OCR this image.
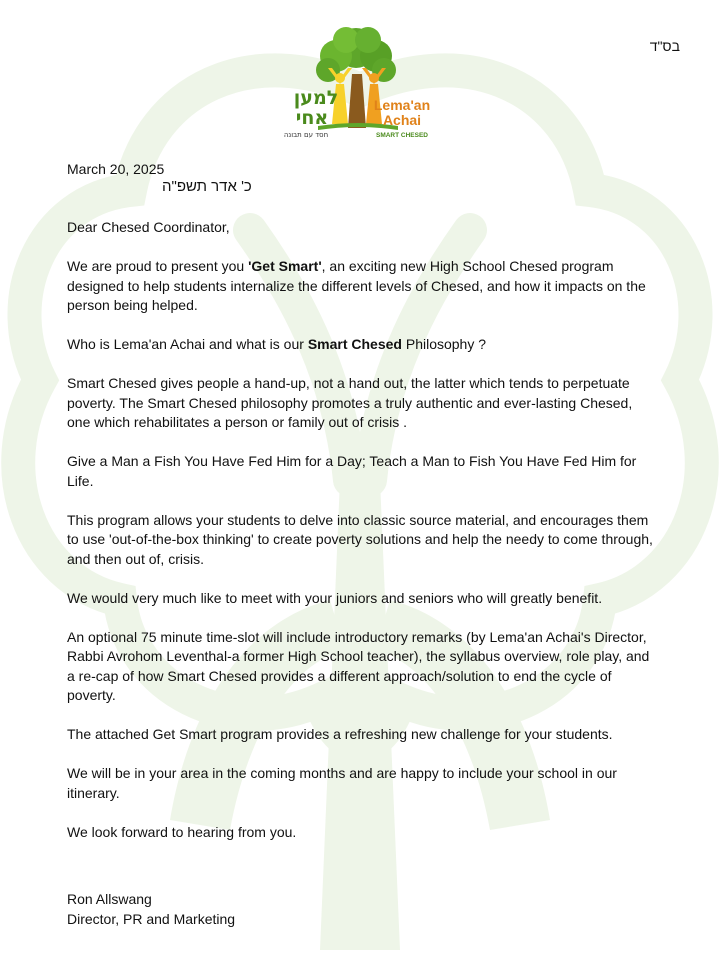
בס"ד
למען
אחי
חסד עם תבונה
Lema'an
Achai
SMART CHESED
March 20, 2025
כ' אדר תשפ"ה
Dear Chesed Coordinator,

We are proud to present you 'Get Smart', an exciting new High School Chesed program designed to help students internalize the different levels of Chesed, and how it impacts on the person being helped.

Who is Lema'an Achai and what is our Smart Chesed Philosophy ?

Smart Chesed gives people a hand-up, not a hand out, the latter which tends to perpetuate poverty. The Smart Chesed philosophy promotes a truly authentic and ever-lasting Chesed, one which rehabilitates a person or family out of crisis .

Give a Man a Fish You Have Fed Him for a Day; Teach a Man to Fish You Have Fed Him for Life.

This program allows your students to delve into classic source material, and encourages them to use 'out-of-the-box thinking' to create poverty solutions and help the needy to come through, and then out of, crisis.

We would very much like to meet with your juniors and seniors who will greatly benefit.

An optional 75 minute time-slot will include introductory remarks (by Lema'an Achai's Director, Rabbi Avrohom Leventhal-a former High School teacher), the syllabus overview, role play, and a re-cap of how Smart Chesed provides a different approach/solution to end the cycle of poverty.

The attached Get Smart program provides a refreshing new challenge for your students.

We will be in your area in the coming months and are happy to include your school in our itinerary.

We look forward to hearing from you.

Ron Allswang
Director, PR and Marketing
